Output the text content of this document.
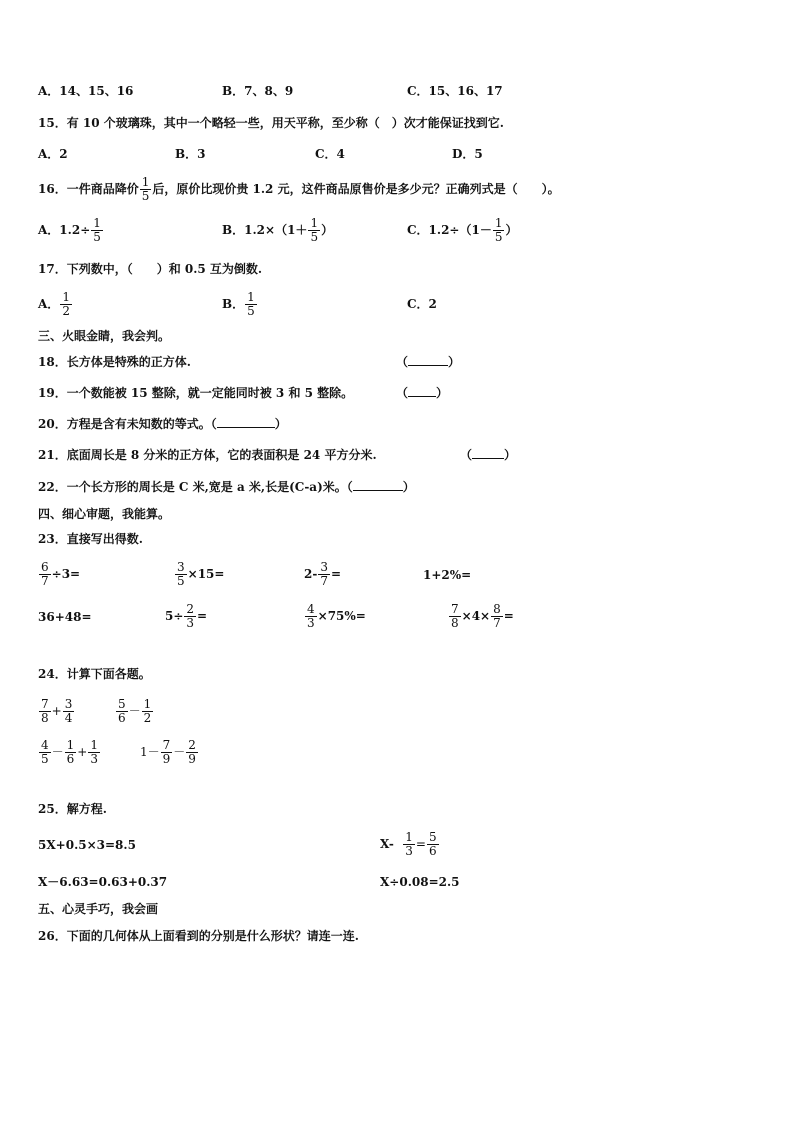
A．14、15、16	B．7、8、9	C．15、16、17
15．有 10 个玻璃珠，其中一个略轻一些，用天平称，至少称（　）次才能保证找到它.
A．2	B．3	C．4	D．5
16．一件商品降价 $\frac{1}{5}$ 后，原价比现价贵 1.2 元，这件商品原售价是多少元？正确列式是（　　）。
A．$1.2\div \frac{1}{5}$	B．$1.2\times(1+ \frac{1}{5}$ ）	C．$1.2\div(1- \frac{1}{5}$ ）
17．下列数中，（　　）和 0.5 互为倒数.
A． $\frac{1}{2}$	B． $\frac{1}{5}$	C．2
三、火眼金睛，我会判。
18．长方体是特殊的正方体.	（	）
19．一个数能被 15 整除，就一定能同时被 3 和 5 整除。	（ ）
20．方程是含有未知数的等式。（	）
21．底面周长是 8 分米的正方体，它的表面积是 24 平方分米.	（	）
22．一个长方形的周长是 C 米,宽是 a 米,长是(C-a)米。（	）
四、细心审题，我能算。
23．直接写出得数.
$\frac{6}{7} \div 3=$	$\frac{3}{5} \times 15=$	$2- \frac{3}{7}$ =	1+2%=
36+48=	$5\div \frac{2}{3}$ =	$\frac{4}{3} \times 75\%=$	$\frac{7}{8} \times 4\times \frac{8}{7}$ =
24．计算下面各题。
$\frac{7}{8} + \frac{3}{4}$	$\frac{5}{6} - \frac{1}{2}$
$\frac{4}{5} - \frac{1}{6} + \frac{1}{3}$	$1- \frac{7}{9} - \frac{2}{9}$
25．解方程.
5X+0.5×3=8.5	$X- \frac{1}{3} = \frac{5}{6}$
X－6.63=0.63+0.37	X÷0.08=2.5
五、心灵手巧，我会画
26．下面的几何体从上面看到的分别是什么形状？请连一连.
